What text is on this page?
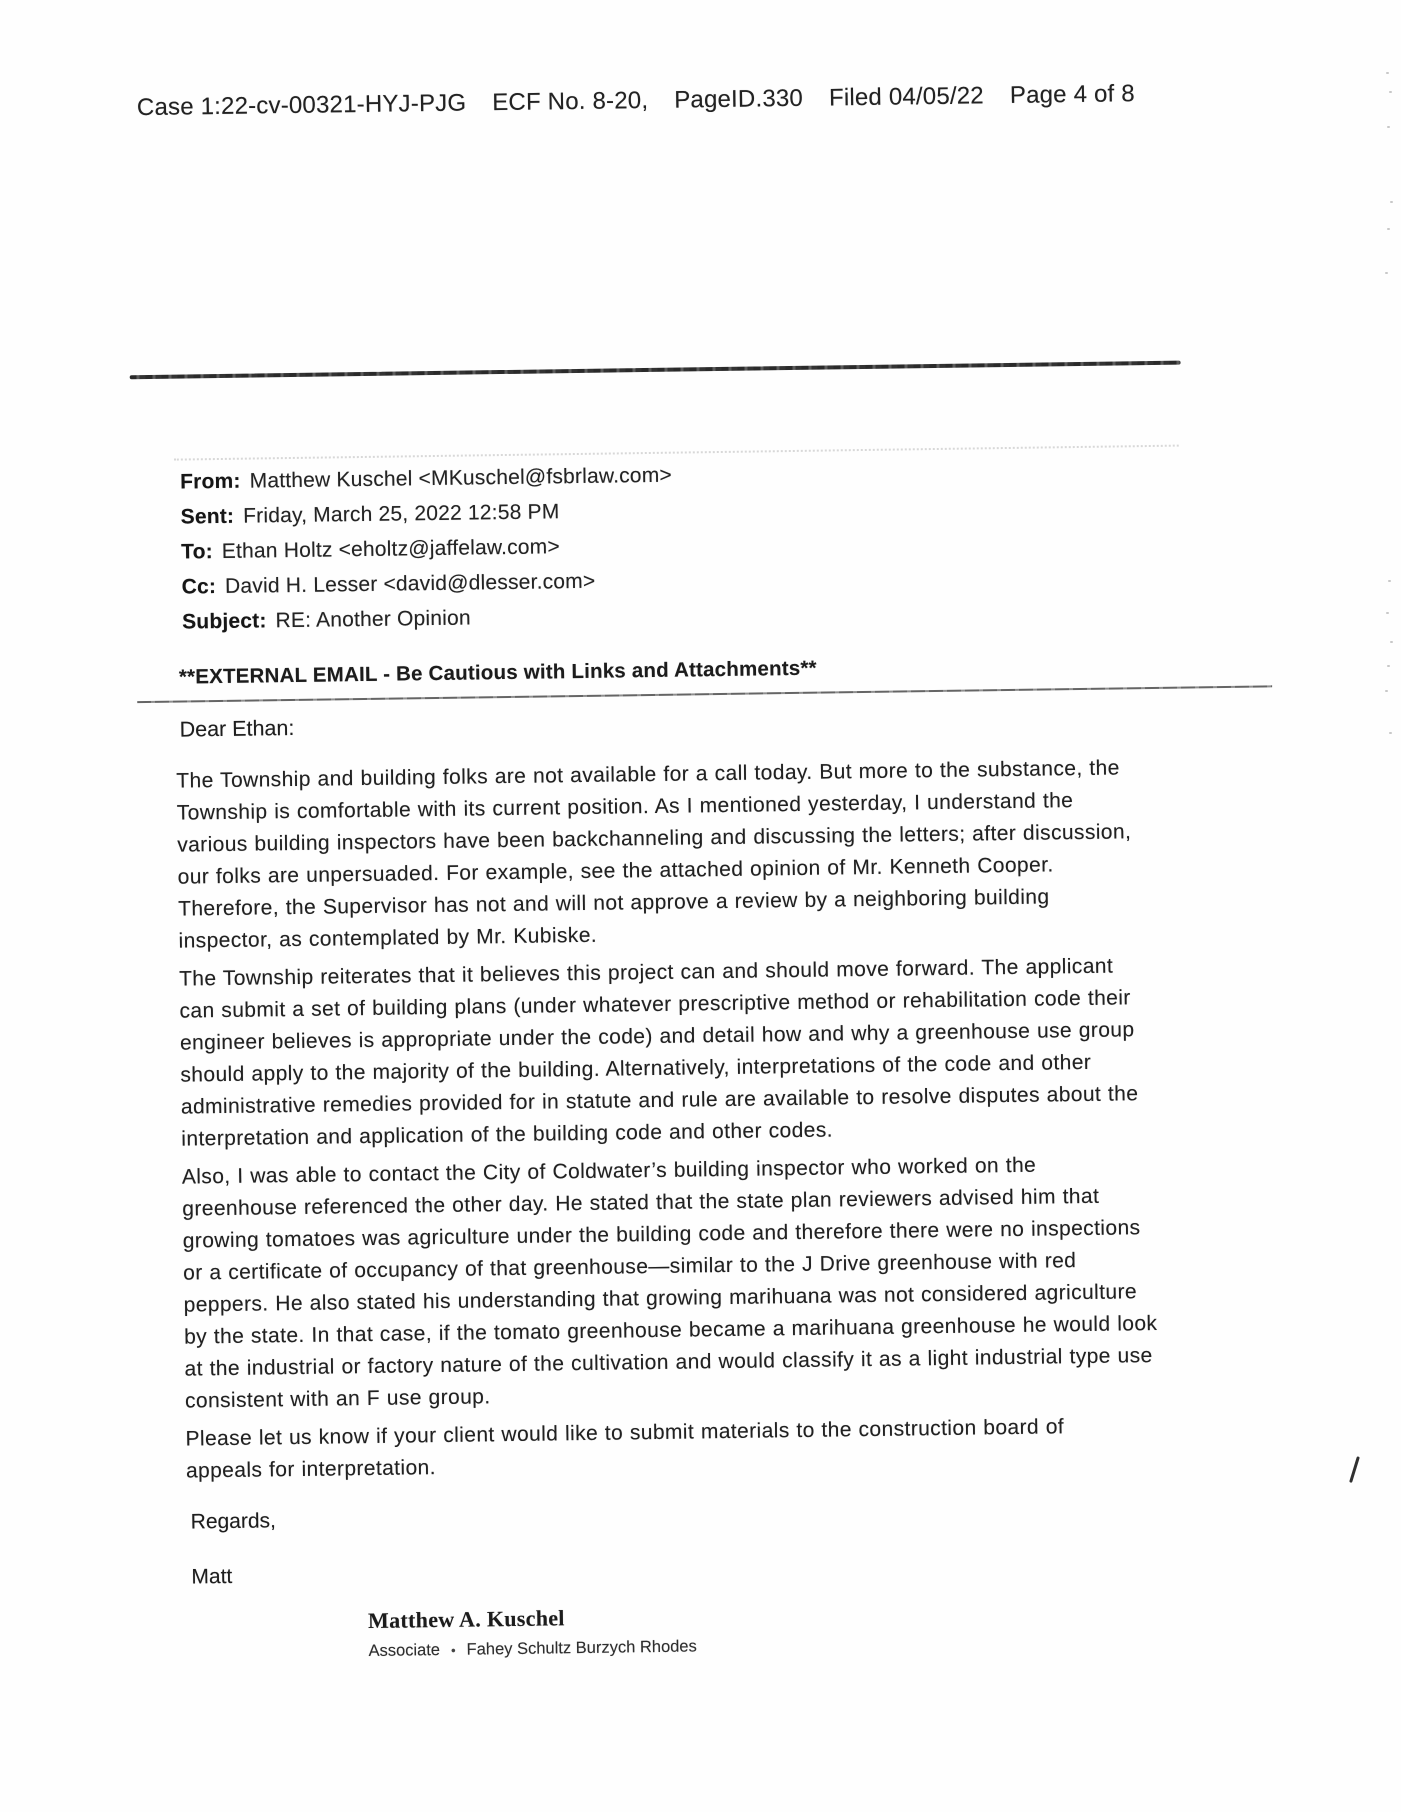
Case 1:22-cv-00321-HYJ-PJG ECF No. 8-20, PageID.330 Filed 04/05/22 Page 4 of 8
From: Matthew Kuschel <MKuschel@fsbrlaw.com>
Sent: Friday, March 25, 2022 12:58 PM
To: Ethan Holtz <eholtz@jaffelaw.com>
Cc: David H. Lesser <david@dlesser.com>
Subject: RE: Another Opinion
**EXTERNAL EMAIL - Be Cautious with Links and Attachments**
Dear Ethan:

The Township and building folks are not available for a call today. But more to the substance, the
Township is comfortable with its current position. As I mentioned yesterday, I understand the
various building inspectors have been backchanneling and discussing the letters; after discussion,
our folks are unpersuaded. For example, see the attached opinion of Mr. Kenneth Cooper.
Therefore, the Supervisor has not and will not approve a review by a neighboring building
inspector, as contemplated by Mr. Kubiske.

The Township reiterates that it believes this project can and should move forward. The applicant
can submit a set of building plans (under whatever prescriptive method or rehabilitation code their
engineer believes is appropriate under the code) and detail how and why a greenhouse use group
should apply to the majority of the building. Alternatively, interpretations of the code and other
administrative remedies provided for in statute and rule are available to resolve disputes about the
interpretation and application of the building code and other codes.

Also, I was able to contact the City of Coldwater’s building inspector who worked on the
greenhouse referenced the other day. He stated that the state plan reviewers advised him that
growing tomatoes was agriculture under the building code and therefore there were no inspections
or a certificate of occupancy of that greenhouse—similar to the J Drive greenhouse with red
peppers. He also stated his understanding that growing marihuana was not considered agriculture
by the state. In that case, if the tomato greenhouse became a marihuana greenhouse he would look
at the industrial or factory nature of the cultivation and would classify it as a light industrial type use
consistent with an F use group.

Please let us know if your client would like to submit materials to the construction board of
appeals for interpretation.

Regards,
Matt
Matthew A. Kuschel
Associate • Fahey Schultz Burzych Rhodes
